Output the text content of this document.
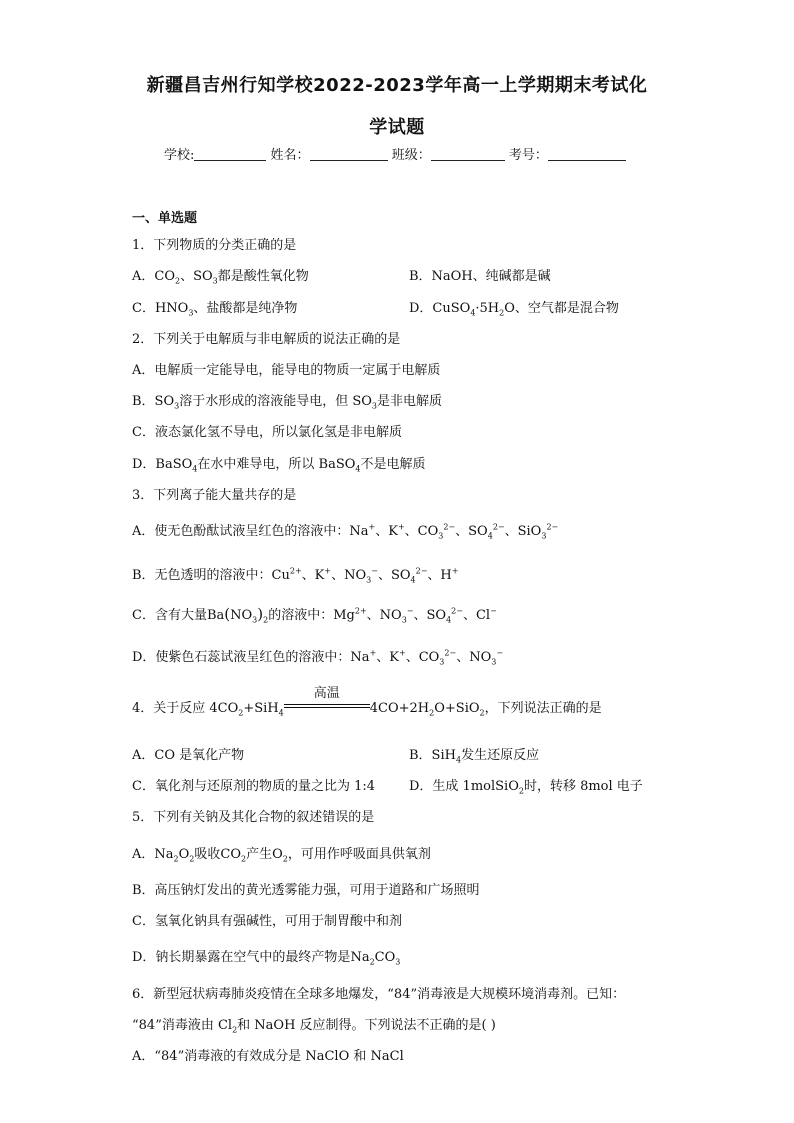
新疆昌吉州行知学校2022-2023学年高一上学期期末考试化
学试题
学校:	姓名：	班级：	考号：
一、单选题
1．下列物质的分类正确的是
A．$CO_2$、$SO_3$都是酸性氧化物	B．NaOH、纯碱都是碱
C．$HNO_3$、盐酸都是纯净物	D．$CuSO_4\cdot 5H_2O$、空气都是混合物
2．下列关于电解质与非电解质的说法正确的是
A．电解质一定能导电，能导电的物质一定属于电解质
B．$SO_3$溶于水形成的溶液能导电，但 $SO_3$是非电解质
C．液态氯化氢不导电，所以氯化氢是非电解质
D．BaSO$_4$在水中难导电，所以 BaSO$_4$不是电解质
3．下列离子能大量共存的是
A．使无色酚酞试液呈红色的溶液中：Na+、K+、$CO_3^{2-}$、$SO_4^{2-}$、SiO$_3^{2-}$
B．无色透明的溶液中：$Cu^{2+}$、K+、$NO_3^-$、$SO_4^{2-}$、H+
C．含有大量$Ba(NO_3)_2$的溶液中：$Mg^{2+}$、$NO_3^-$、$SO_4^{2-}$、Cl−
D．使紫色石蕊试液呈红色的溶液中：Na+、K+、$CO_3^{2-}$、$NO_3^-$
4．关于反应 $4CO_2+SiH_4$
高温
$4CO+2H_2O+SiO_2$，下列说法正确的是
A．CO 是氧化产物	B．SiH$_4$发生还原反应
C．氧化剂与还原剂的物质的量之比为 1:4	D．生成 1molSiO$_2$时，转移 8mol 电子
5．下列有关钠及其化合物的叙述错误的是
A．$Na_2O_2$吸收$CO_2$产生$O_2$，可用作呼吸面具供氧剂
B．高压钠灯发出的黄光透雾能力强，可用于道路和广场照明
C．氢氧化钠具有强碱性，可用于制胃酸中和剂
D．钠长期暴露在空气中的最终产物是$Na_2CO_3$
6．新型冠状病毒肺炎疫情在全球多地爆发，“84”消毒液是大规模环境消毒剂。已知：
“84”消毒液由 $Cl_2$和 NaOH 反应制得。下列说法不正确的是( )
A．“84”消毒液的有效成分是 NaClO 和 NaCl
